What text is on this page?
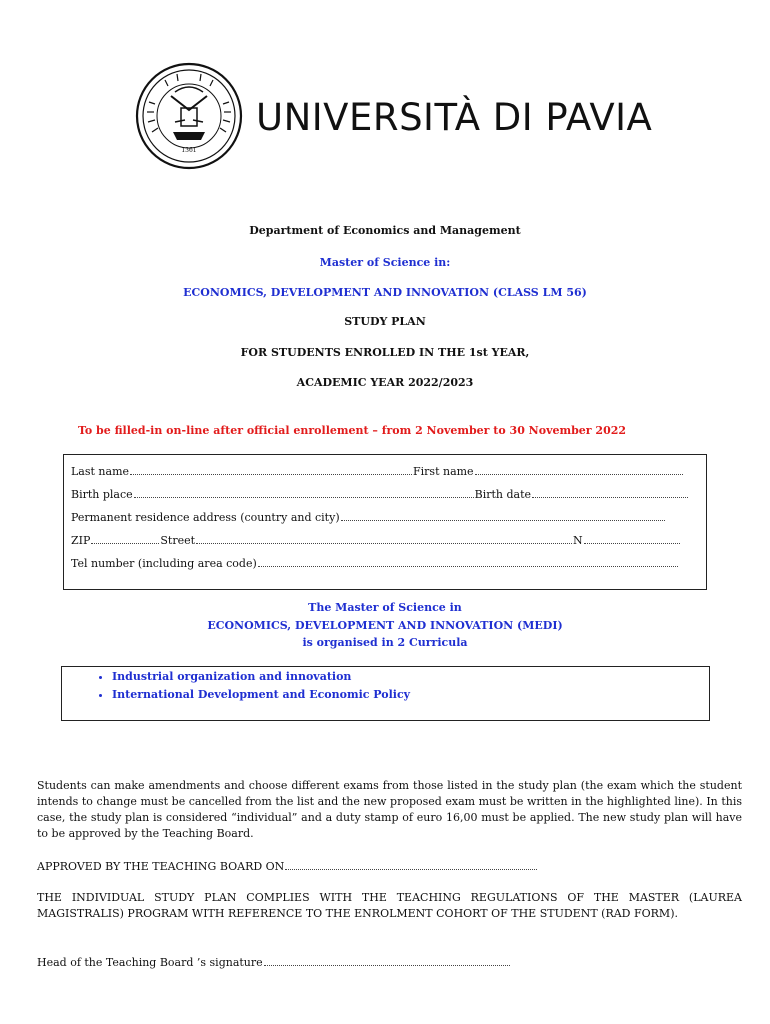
1361
UNIVERSITÀ DI PAVIA
Department of Economics and Management
Master of Science in:
ECONOMICS, DEVELOPMENT AND INNOVATION (CLASS LM 56)
STUDY PLAN
FOR STUDENTS ENROLLED IN THE 1st YEAR,
ACADEMIC YEAR 2022/2023
To be filled-in on-line after official enrollement – from 2 November to 30 November 2022
Last name	First name
Birth place	Birth date
Permanent residence address (country and city)
ZIP	Street	N
Tel number (including area code)
The Master of Science in
ECONOMICS, DEVELOPMENT AND INNOVATION (MEDI)
is organised in 2 Curricula
• Industrial organization and innovation
• International Development and Economic Policy
Students can make amendments and choose different exams from those listed in the study plan (the exam which the student intends to change must be cancelled from the list and the new proposed exam must be written in the highlighted line). In this case, the study plan is considered “individual” and a duty stamp of euro 16,00 must be applied. The new study plan will have to be approved by the Teaching Board.
APPROVED BY THE TEACHING BOARD ON
THE INDIVIDUAL STUDY PLAN COMPLIES WITH THE TEACHING REGULATIONS OF THE MASTER (LAUREA MAGISTRALIS) PROGRAM WITH REFERENCE TO THE ENROLMENT COHORT OF THE STUDENT (RAD FORM).
Head of the Teaching Board ’s signature
